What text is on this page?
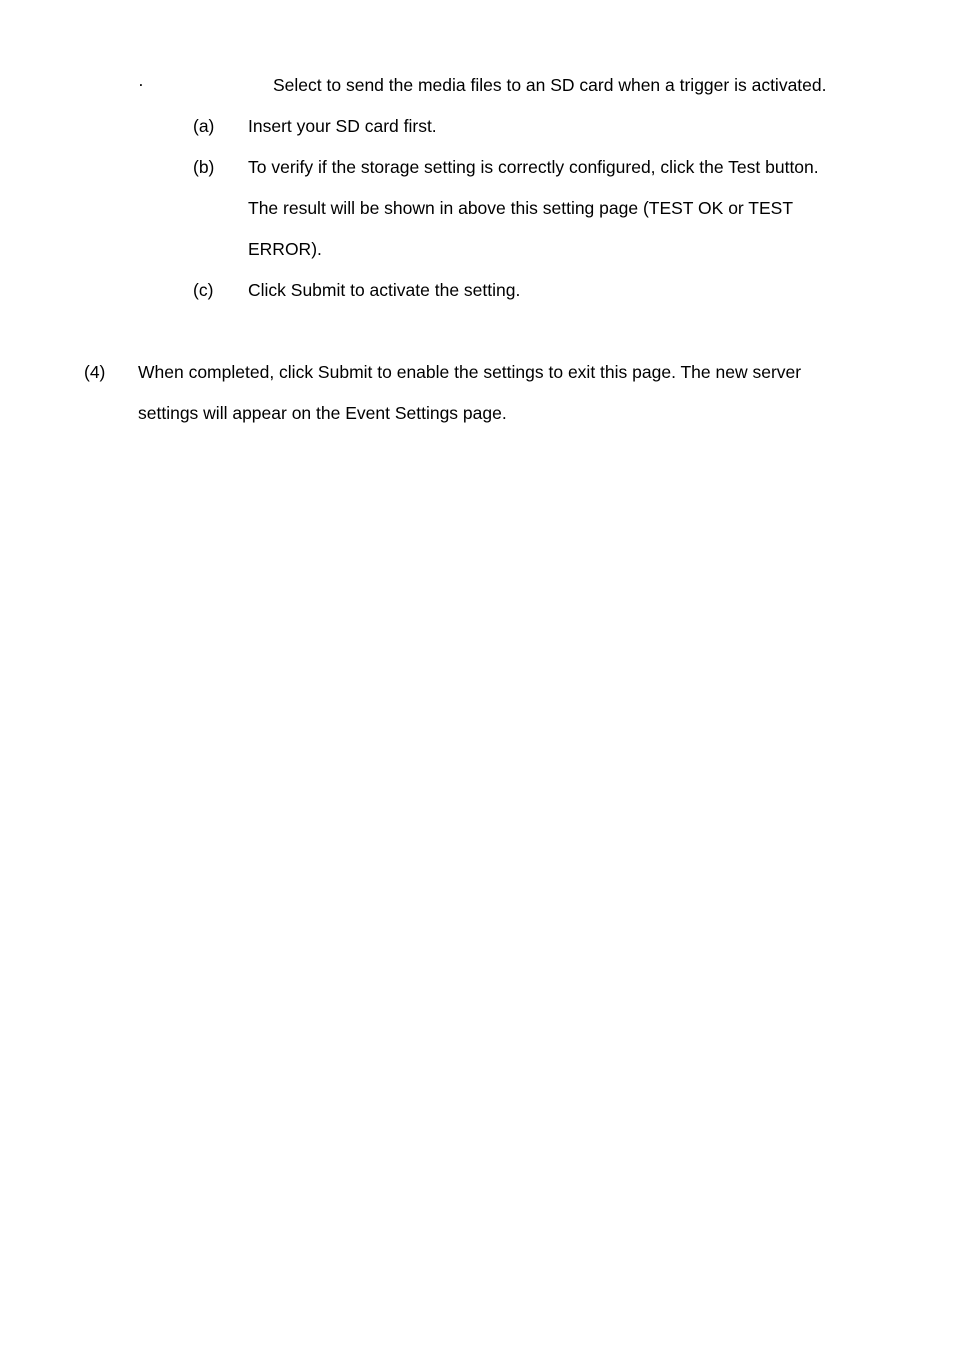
·	Select to send the media files to an SD card when a trigger is activated.
(a) Insert your SD card first.
(b) To verify if the storage setting is correctly configured, click the Test button.
The result will be shown in above this setting page (TEST OK or TEST
ERROR).
(c) Click Submit to activate the setting.
(4) When completed, click Submit to enable the settings to exit this page. The new server
settings will appear on the Event Settings page.
